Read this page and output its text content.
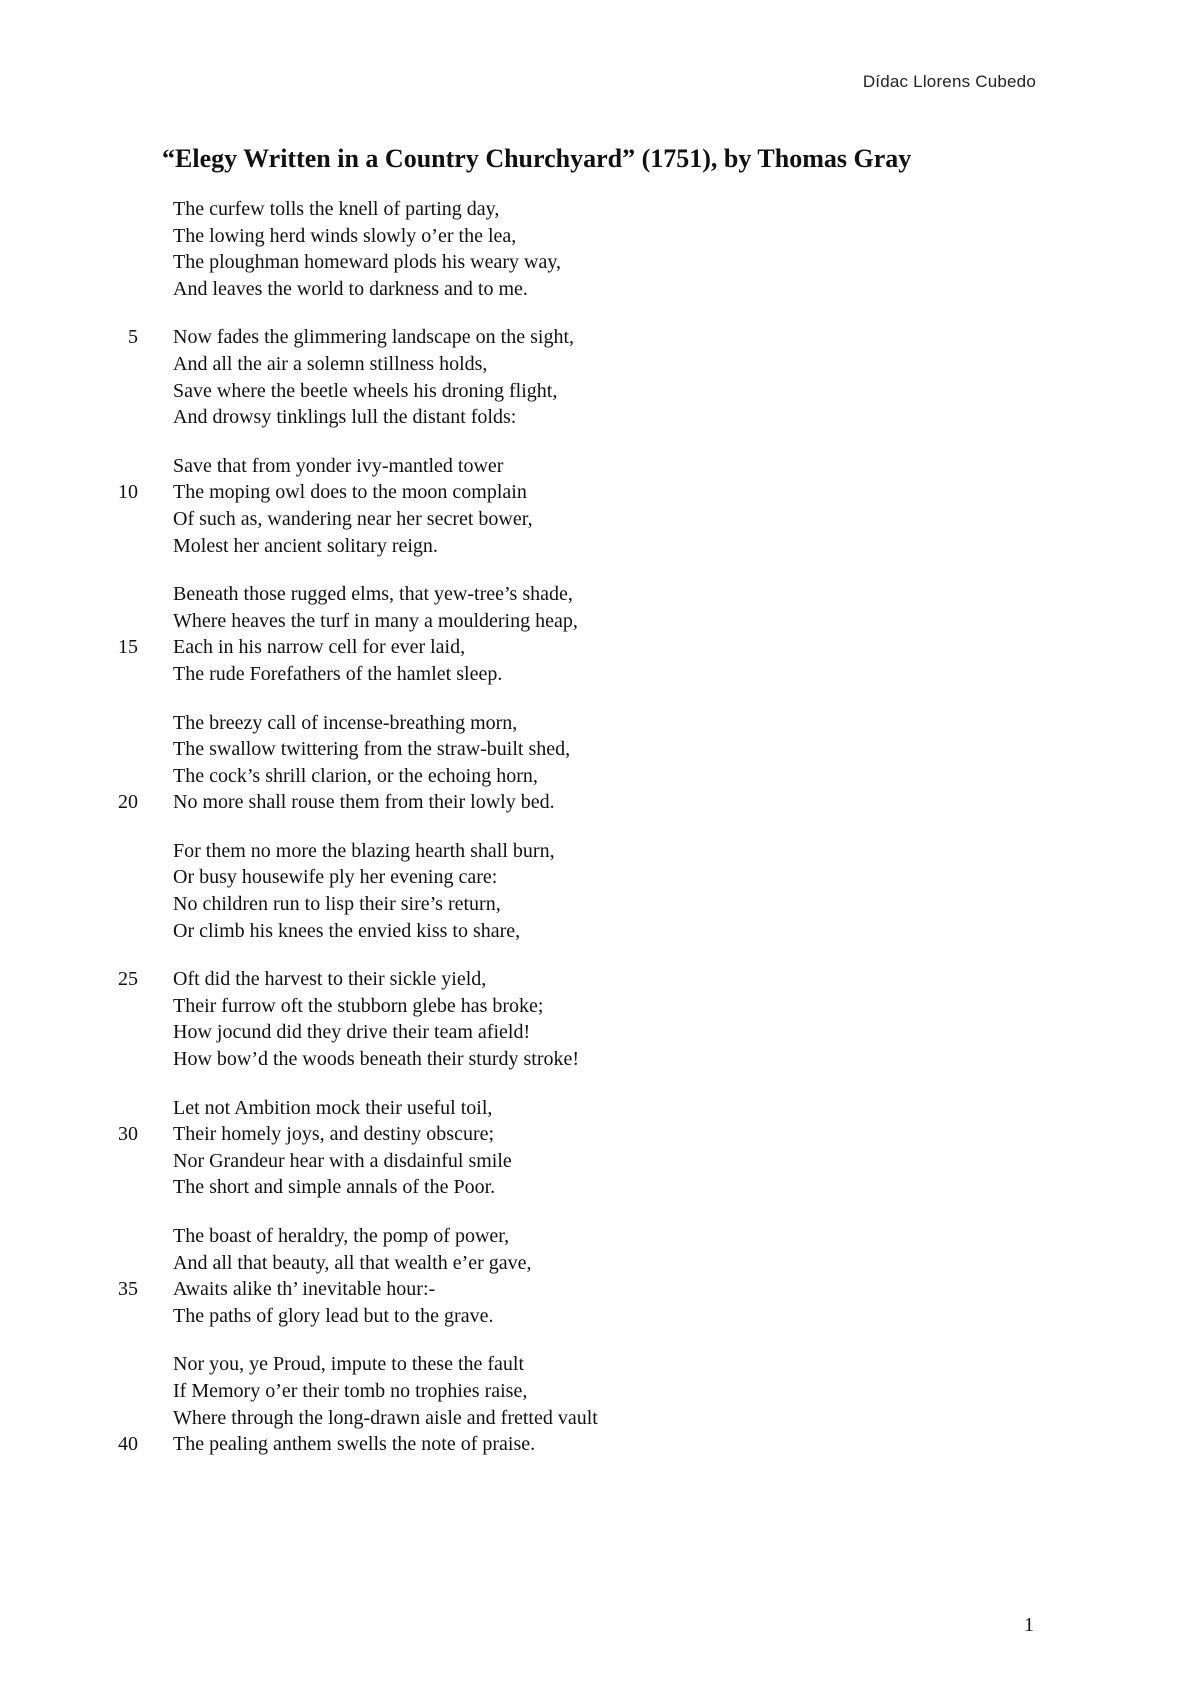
Dídac Llorens Cubedo
“Elegy Written in a Country Churchyard” (1751), by Thomas Gray
The curfew tolls the knell of parting day,
The lowing herd winds slowly o’er the lea,
The ploughman homeward plods his weary way,
And leaves the world to darkness and to me.
5 Now fades the glimmering landscape on the sight,
And all the air a solemn stillness holds,
Save where the beetle wheels his droning flight,
And drowsy tinklings lull the distant folds:
Save that from yonder ivy-mantled tower
10 The moping owl does to the moon complain
Of such as, wandering near her secret bower,
Molest her ancient solitary reign.
Beneath those rugged elms, that yew-tree’s shade,
Where heaves the turf in many a mouldering heap,
15 Each in his narrow cell for ever laid,
The rude Forefathers of the hamlet sleep.
The breezy call of incense-breathing morn,
The swallow twittering from the straw-built shed,
The cock’s shrill clarion, or the echoing horn,
20 No more shall rouse them from their lowly bed.
For them no more the blazing hearth shall burn,
Or busy housewife ply her evening care:
No children run to lisp their sire’s return,
Or climb his knees the envied kiss to share,
25 Oft did the harvest to their sickle yield,
Their furrow oft the stubborn glebe has broke;
How jocund did they drive their team afield!
How bow’d the woods beneath their sturdy stroke!
Let not Ambition mock their useful toil,
30 Their homely joys, and destiny obscure;
Nor Grandeur hear with a disdainful smile
The short and simple annals of the Poor.
The boast of heraldry, the pomp of power,
And all that beauty, all that wealth e’er gave,
35 Awaits alike th’ inevitable hour:-
The paths of glory lead but to the grave.
Nor you, ye Proud, impute to these the fault
If Memory o’er their tomb no trophies raise,
Where through the long-drawn aisle and fretted vault
40 The pealing anthem swells the note of praise.
1
